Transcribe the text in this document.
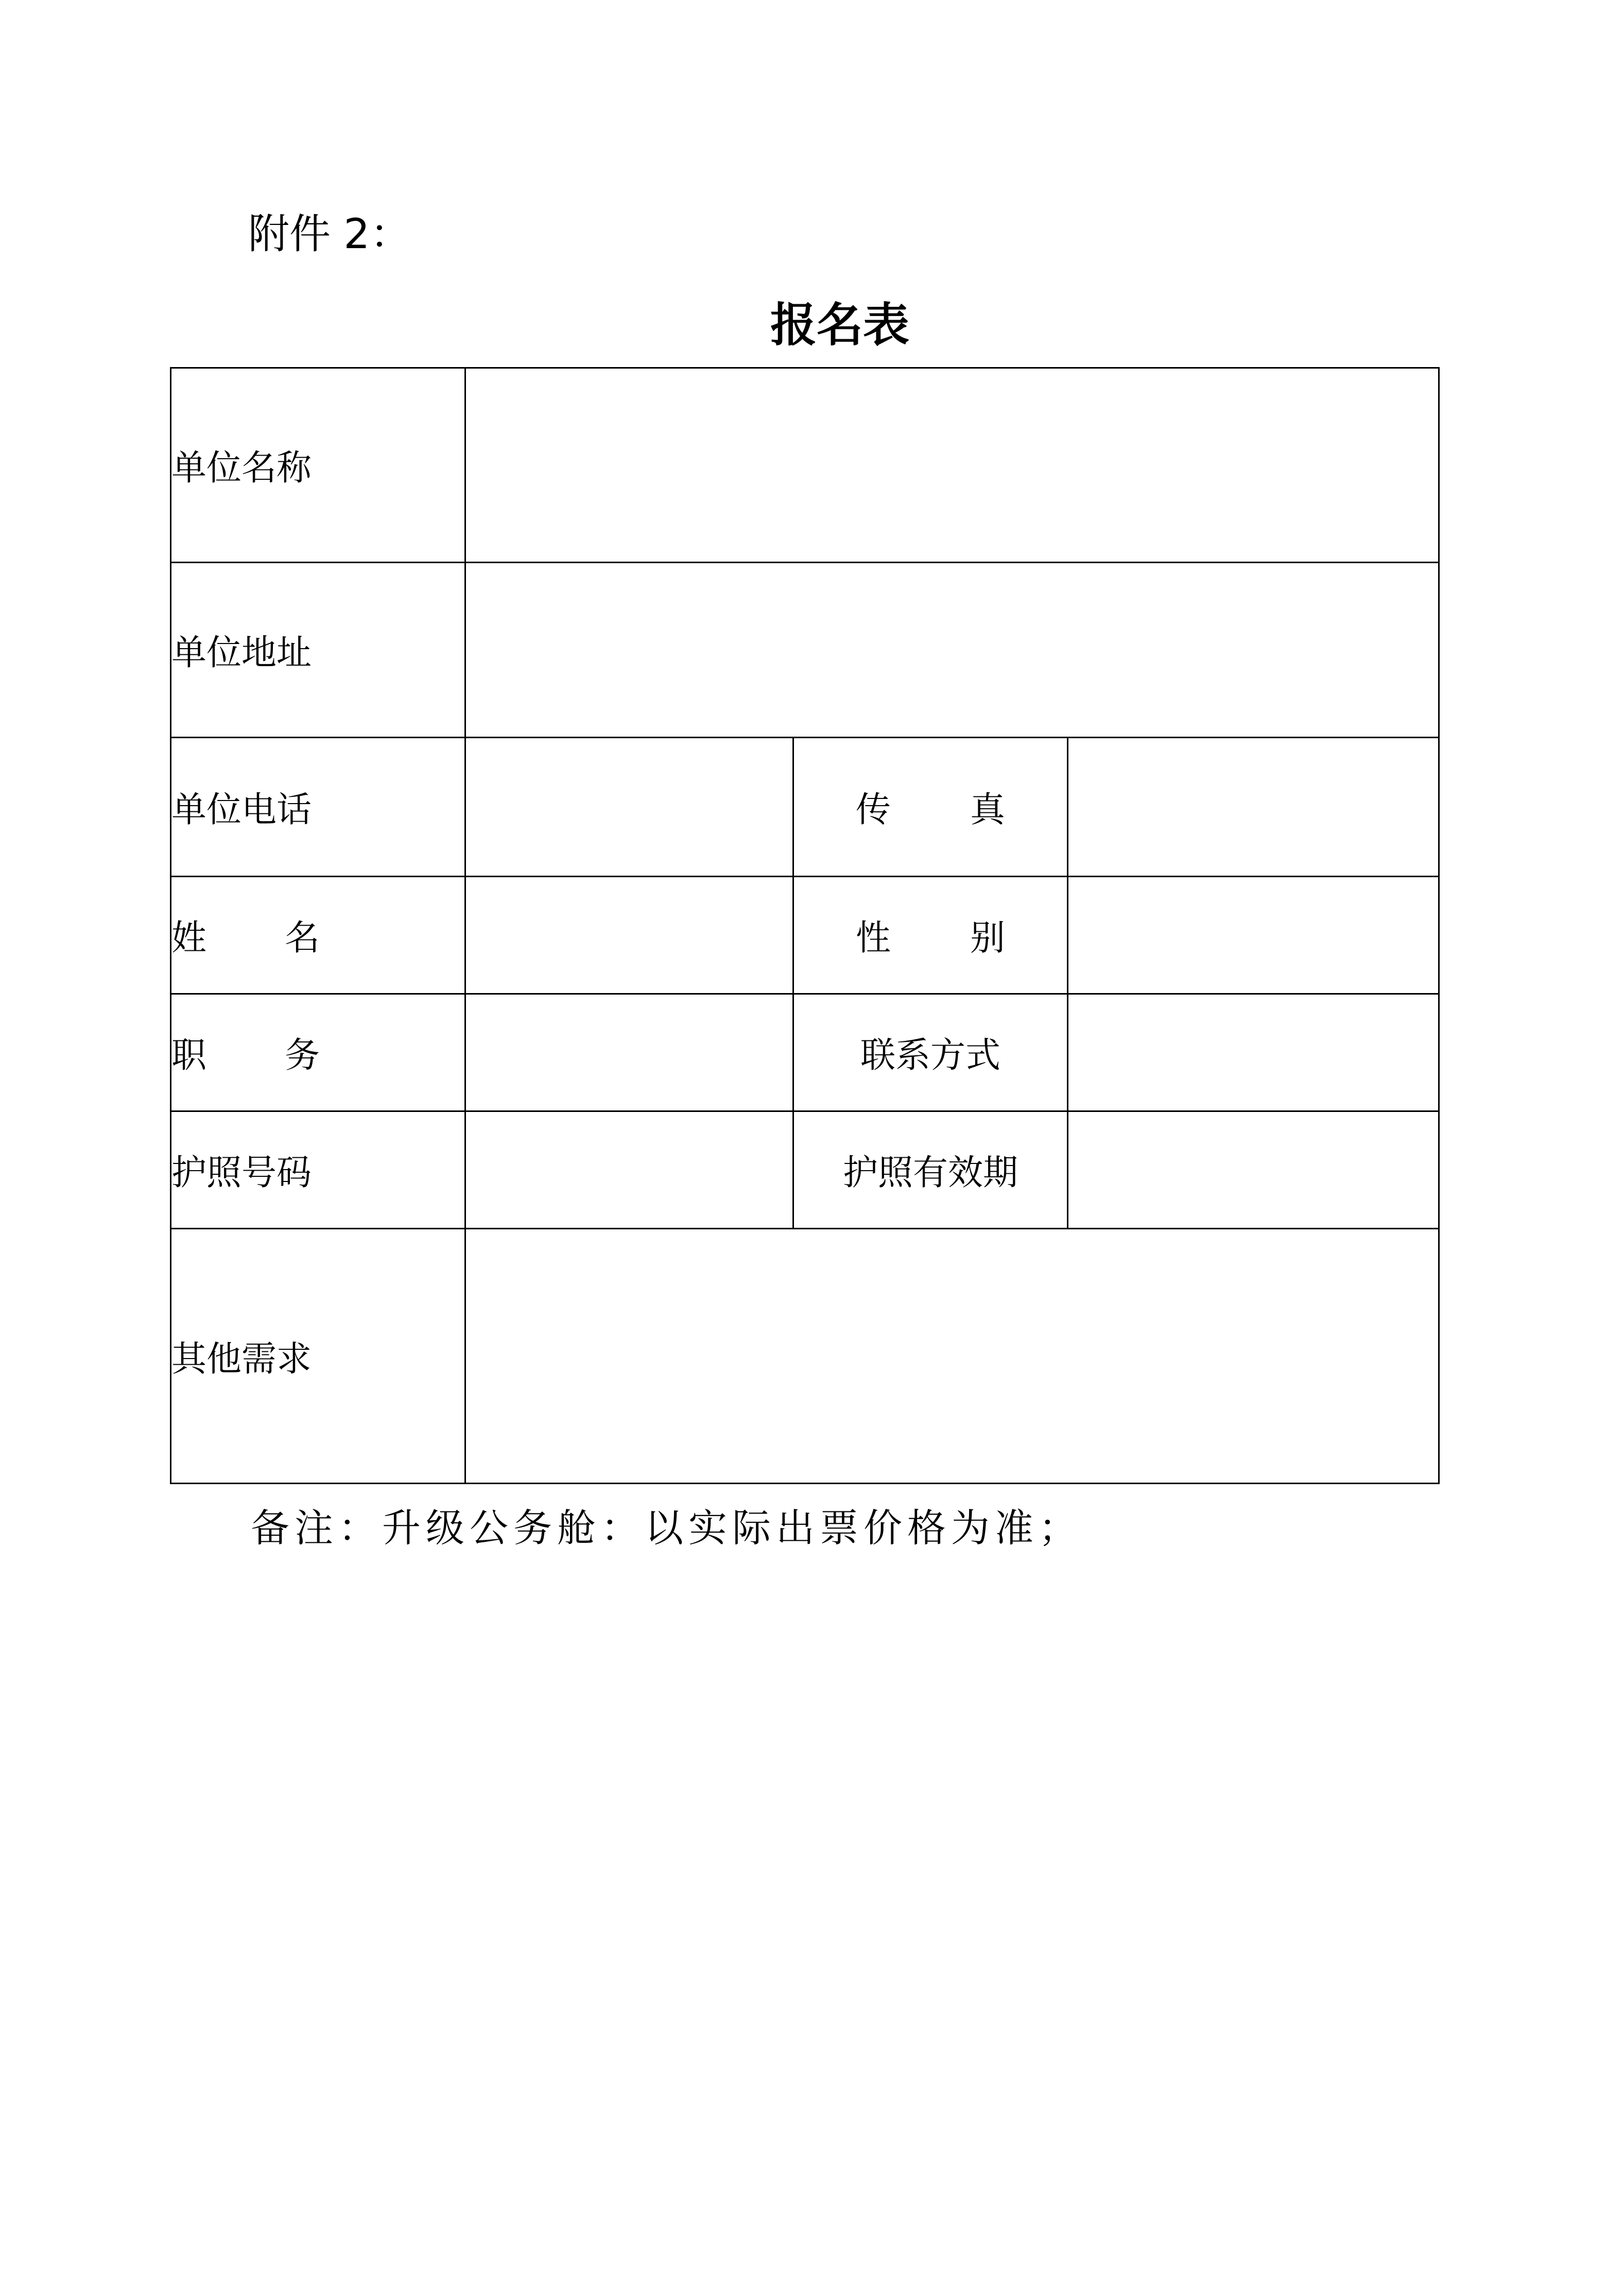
附件 2：
报名表
单位名称			
单位地址			
单位电话		传　　真	
姓　　名		性　　别	
职　　务		联系方式	
护照号码		护照有效期	
其他需求			
备注：升级公务舱：以实际出票价格为准；
